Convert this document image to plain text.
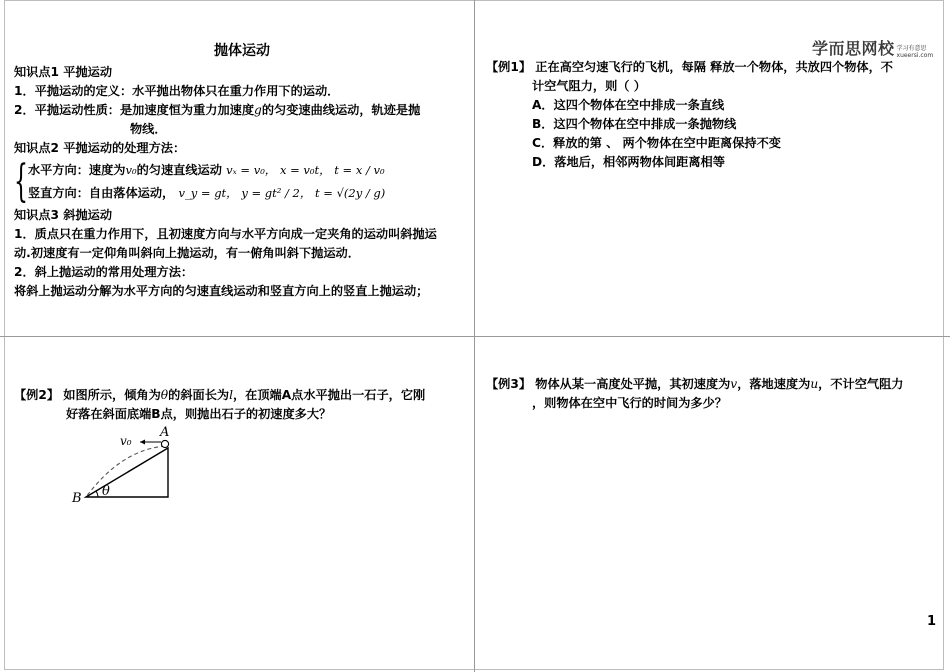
学而思网校 学习有意思
xueersi.com
抛体运动
知识点1 平抛运动
1．平抛运动的定义：水平抛出物体只在重力作用下的运动．
2．平抛运动性质：是加速度恒为重力加速度g的匀变速曲线运动，轨迹是抛
物线．
知识点2 平抛运动的处理方法：
{ 水平方向：速度为v₀的匀速直线运动 vₓ = v₀， x = v₀t， t = x / v₀
竖直方向：自由落体运动， v_y = gt， y = gt² / 2， t = √(2y / g)
知识点3 斜抛运动
1．质点只在重力作用下，且初速度方向与水平方向成一定夹角的运动叫斜抛运
动.初速度有一定仰角叫斜向上抛运动，有一俯角叫斜下抛运动．
2．斜上抛运动的常用处理方法：
将斜上抛运动分解为水平方向的匀速直线运动和竖直方向上的竖直上抛运动；
【例1】 正在高空匀速飞行的飞机，每隔 释放一个物体，共放四个物体，不
计空气阻力，则（ ）
A．这四个物体在空中排成一条直线
B．这四个物体在空中排成一条抛物线
C．释放的第 、 两个物体在空中距离保持不变
D．落地后，相邻两物体间距离相等
【例2】 如图所示，倾角为θ的斜面长为l，在顶端A点水平抛出一石子，它刚
好落在斜面底端B点，则抛出石子的初速度多大？
A
B
v₀
θ
【例3】 物体从某一高度处平抛，其初速度为v，落地速度为u，不计空气阻力
，则物体在空中飞行的时间为多少？
1
